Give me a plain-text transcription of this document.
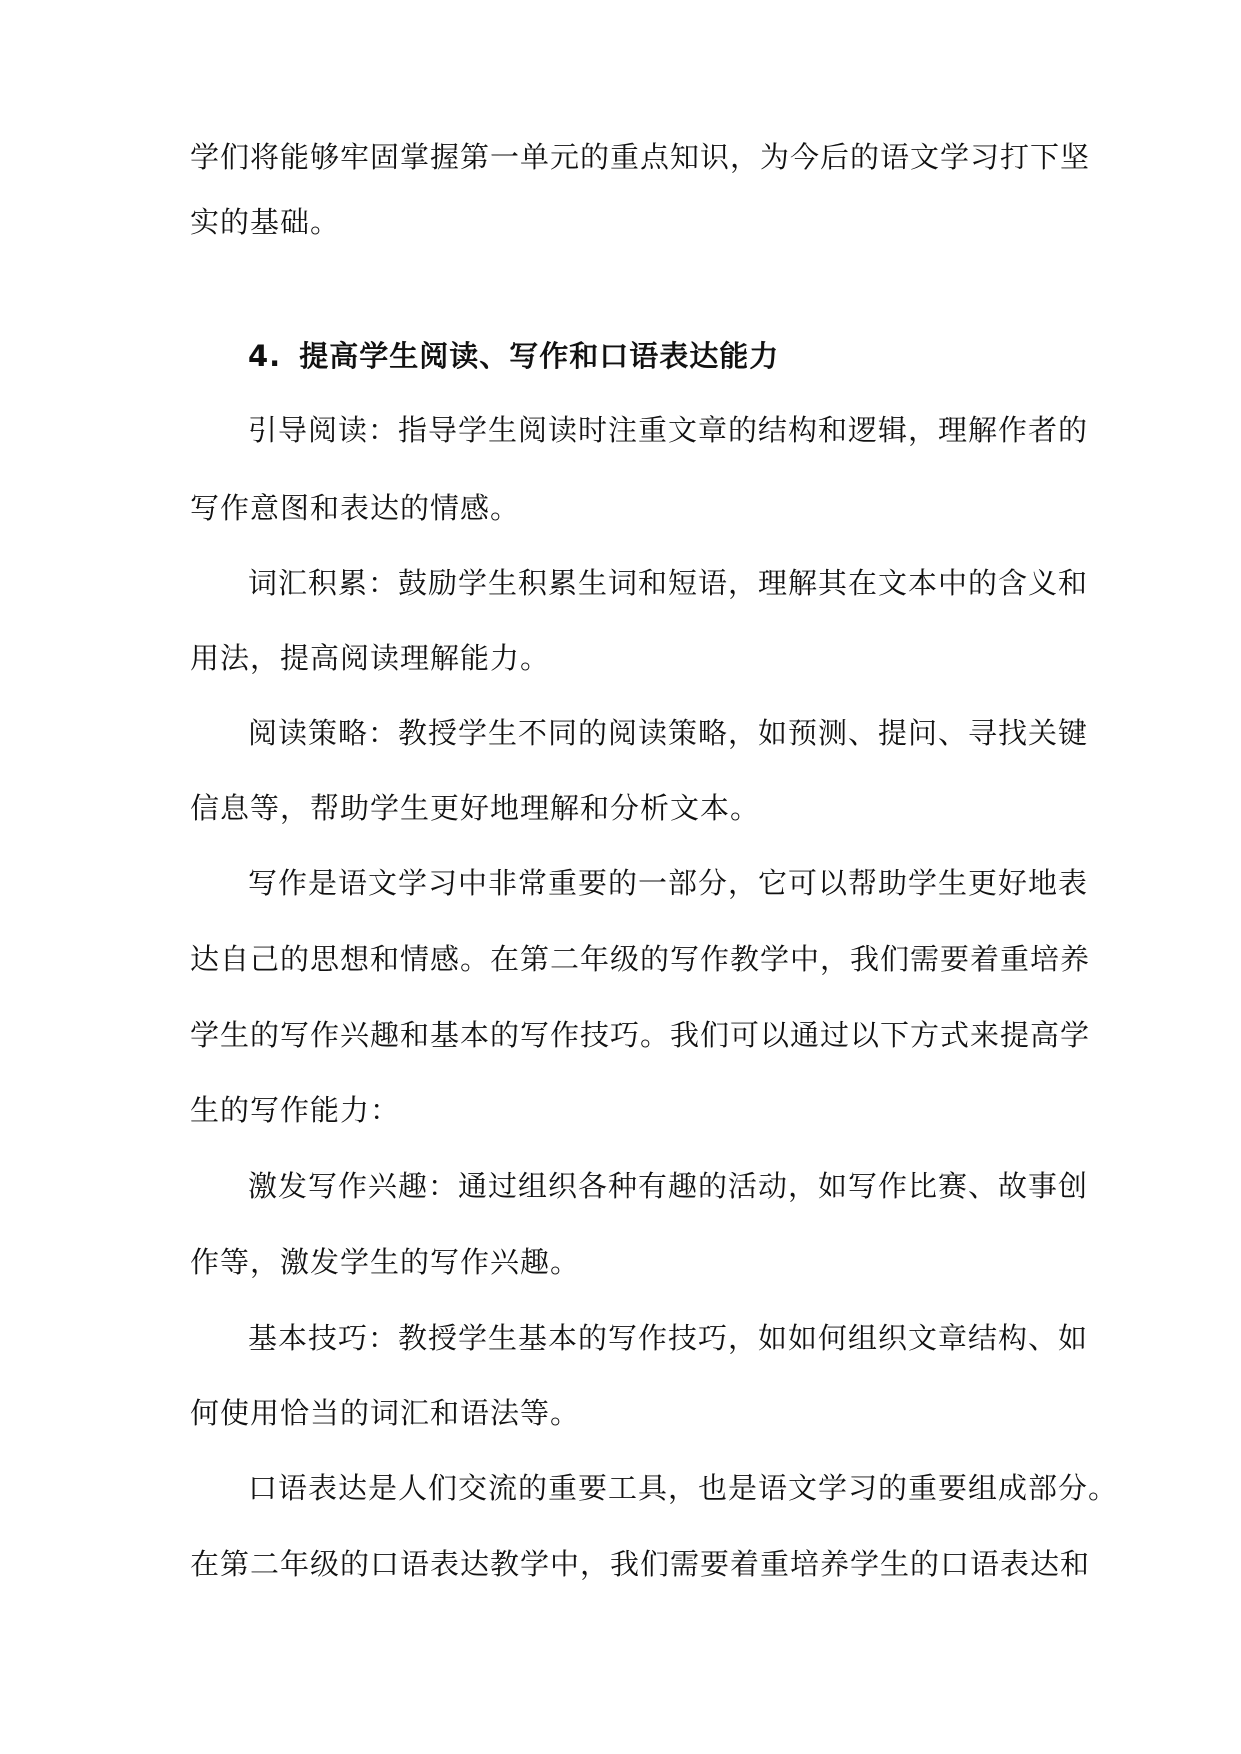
学们将能够牢固掌握第一单元的重点知识，为今后的语文学习打下坚
实的基础。
4. 提高学生阅读、写作和口语表达能力
引导阅读：指导学生阅读时注重文章的结构和逻辑，理解作者的
写作意图和表达的情感。
词汇积累：鼓励学生积累生词和短语，理解其在文本中的含义和
用法，提高阅读理解能力。
阅读策略：教授学生不同的阅读策略，如预测、提问、寻找关键
信息等，帮助学生更好地理解和分析文本。
写作是语文学习中非常重要的一部分，它可以帮助学生更好地表
达自己的思想和情感。在第二年级的写作教学中，我们需要着重培养
学生的写作兴趣和基本的写作技巧。我们可以通过以下方式来提高学
生的写作能力：
激发写作兴趣：通过组织各种有趣的活动，如写作比赛、故事创
作等，激发学生的写作兴趣。
基本技巧：教授学生基本的写作技巧，如如何组织文章结构、如
何使用恰当的词汇和语法等。
口语表达是人们交流的重要工具，也是语文学习的重要组成部分。
在第二年级的口语表达教学中，我们需要着重培养学生的口语表达和
